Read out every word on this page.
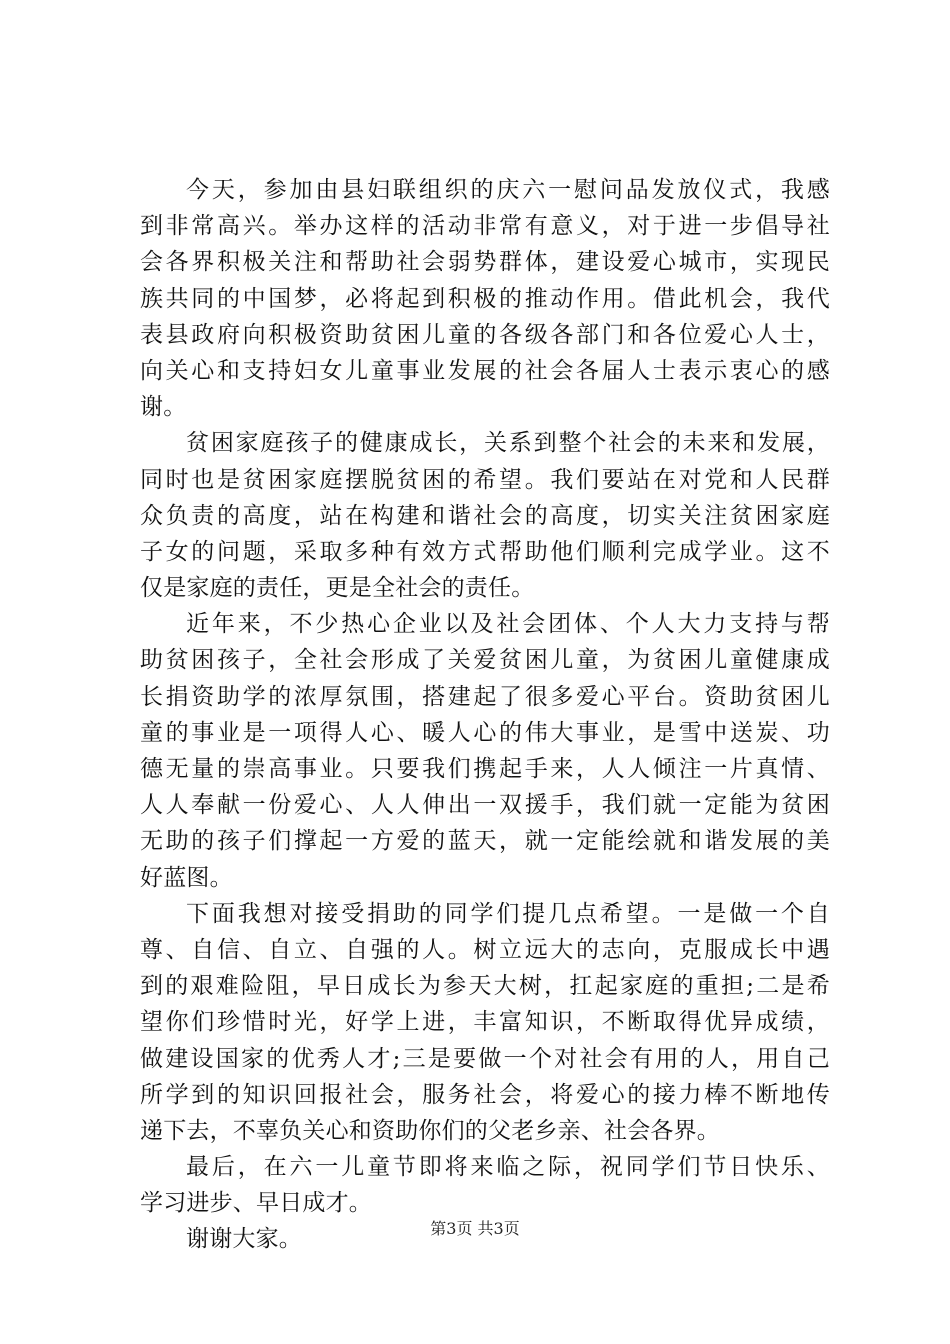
今天，参加由县妇联组织的庆六一慰问品发放仪式，我感
到非常高兴。举办这样的活动非常有意义，对于进一步倡导社
会各界积极关注和帮助社会弱势群体，建设爱心城市，实现民
族共同的中国梦，必将起到积极的推动作用。借此机会，我代
表县政府向积极资助贫困儿童的各级各部门和各位爱心人士，
向关心和支持妇女儿童事业发展的社会各届人士表示衷心的感
谢。
贫困家庭孩子的健康成长，关系到整个社会的未来和发展，
同时也是贫困家庭摆脱贫困的希望。我们要站在对党和人民群
众负责的高度，站在构建和谐社会的高度，切实关注贫困家庭
子女的问题，采取多种有效方式帮助他们顺利完成学业。这不
仅是家庭的责任，更是全社会的责任。
近年来，不少热心企业以及社会团体、个人大力支持与帮
助贫困孩子，全社会形成了关爱贫困儿童，为贫困儿童健康成
长捐资助学的浓厚氛围，搭建起了很多爱心平台。资助贫困儿
童的事业是一项得人心、暖人心的伟大事业，是雪中送炭、功
德无量的崇高事业。只要我们携起手来，人人倾注一片真情、
人人奉献一份爱心、人人伸出一双援手，我们就一定能为贫困
无助的孩子们撑起一方爱的蓝天，就一定能绘就和谐发展的美
好蓝图。
下面我想对接受捐助的同学们提几点希望。一是做一个自
尊、自信、自立、自强的人。树立远大的志向，克服成长中遇
到的艰难险阻，早日成长为参天大树，扛起家庭的重担;二是希
望你们珍惜时光，好学上进，丰富知识，不断取得优异成绩，
做建设国家的优秀人才;三是要做一个对社会有用的人，用自己
所学到的知识回报社会，服务社会，将爱心的接力棒不断地传
递下去，不辜负关心和资助你们的父老乡亲、社会各界。
最后，在六一儿童节即将来临之际，祝同学们节日快乐、
学习进步、早日成才。
谢谢大家。	第3页 共3页
